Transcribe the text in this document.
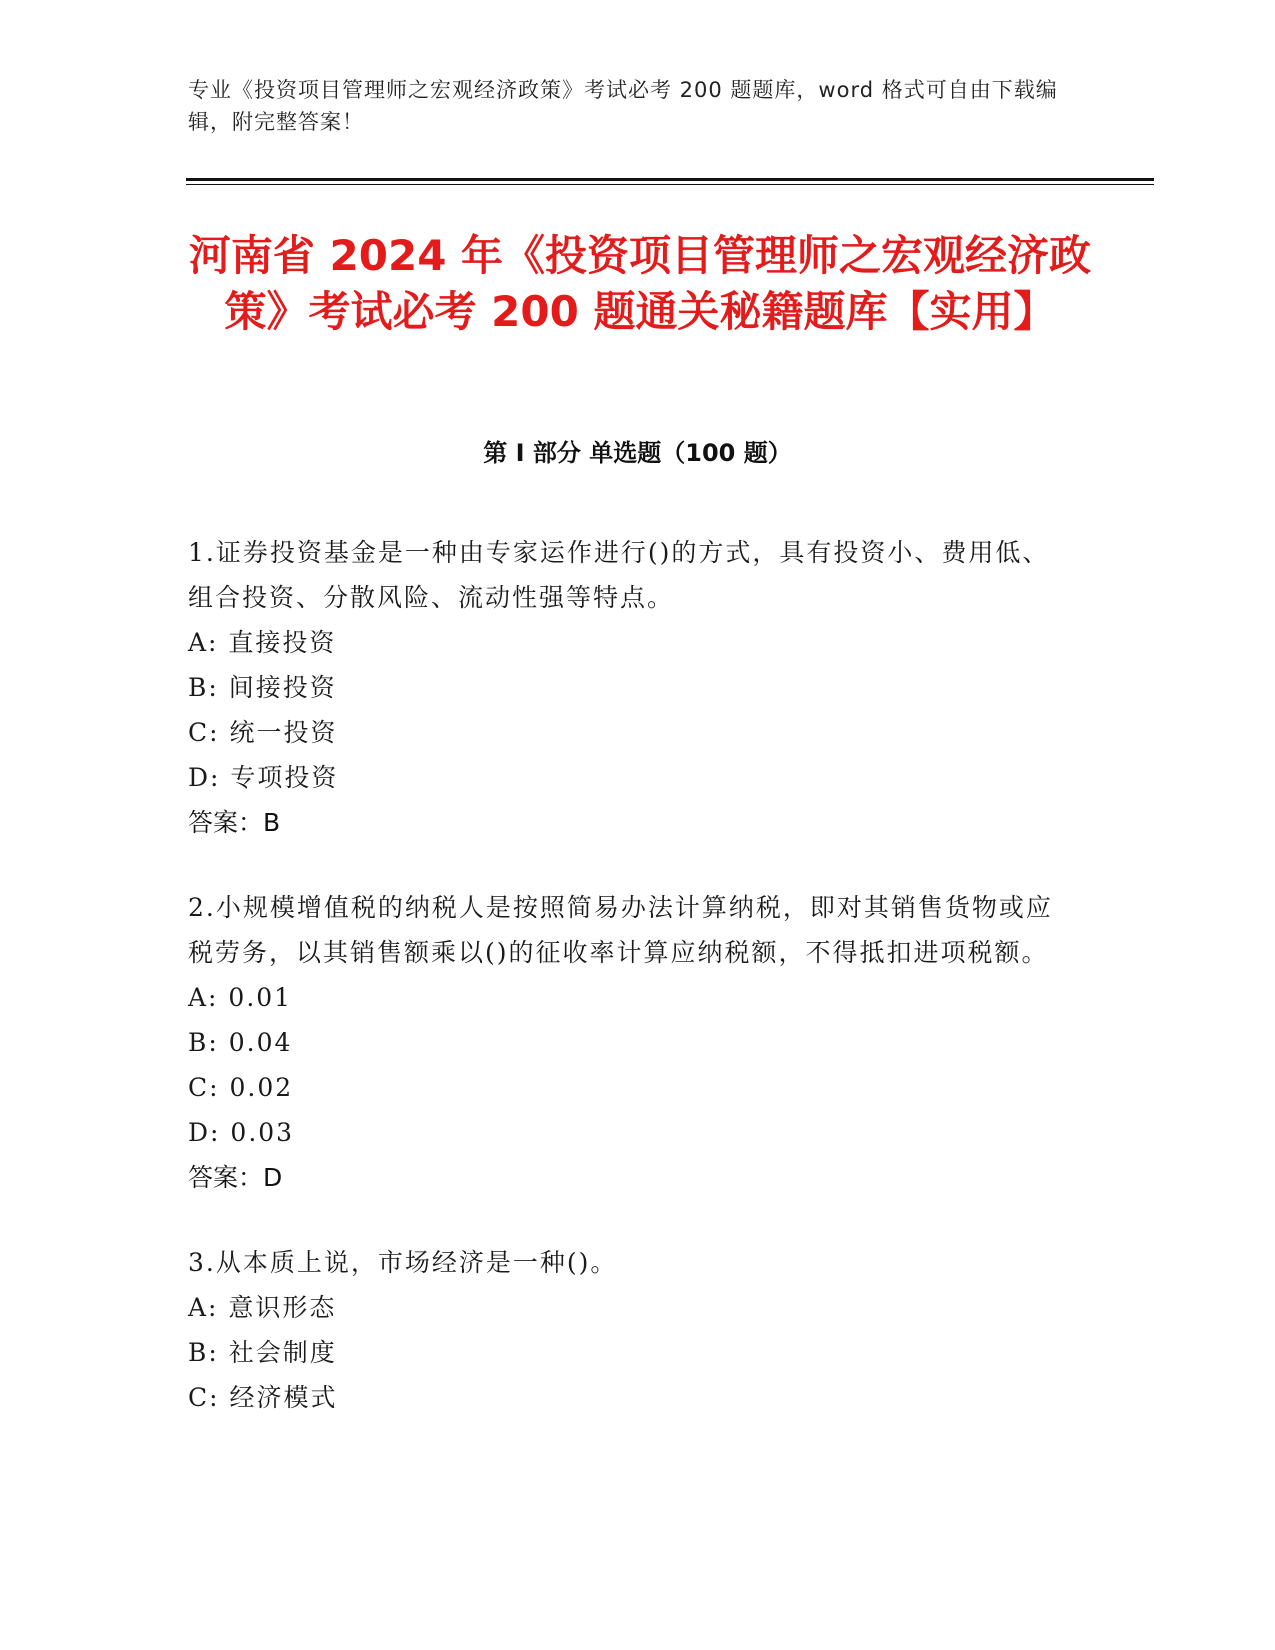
专业《投资项目管理师之宏观经济政策》考试必考 200 题题库，word 格式可自由下载编辑，附完整答案！
河南省 2024 年《投资项目管理师之宏观经济政策》考试必考 200 题通关秘籍题库【实用】
第 I 部分 单选题（100 题）
1.证券投资基金是一种由专家运作进行()的方式，具有投资小、费用低、组合投资、分散风险、流动性强等特点。
A: 直接投资
B: 间接投资
C: 统一投资
D: 专项投资
答案：B
2.小规模增值税的纳税人是按照简易办法计算纳税，即对其销售货物或应税劳务，以其销售额乘以()的征收率计算应纳税额，不得抵扣进项税额。
A: 0.01
B: 0.04
C: 0.02
D: 0.03
答案：D
3.从本质上说，市场经济是一种()。
A: 意识形态
B: 社会制度
C: 经济模式
